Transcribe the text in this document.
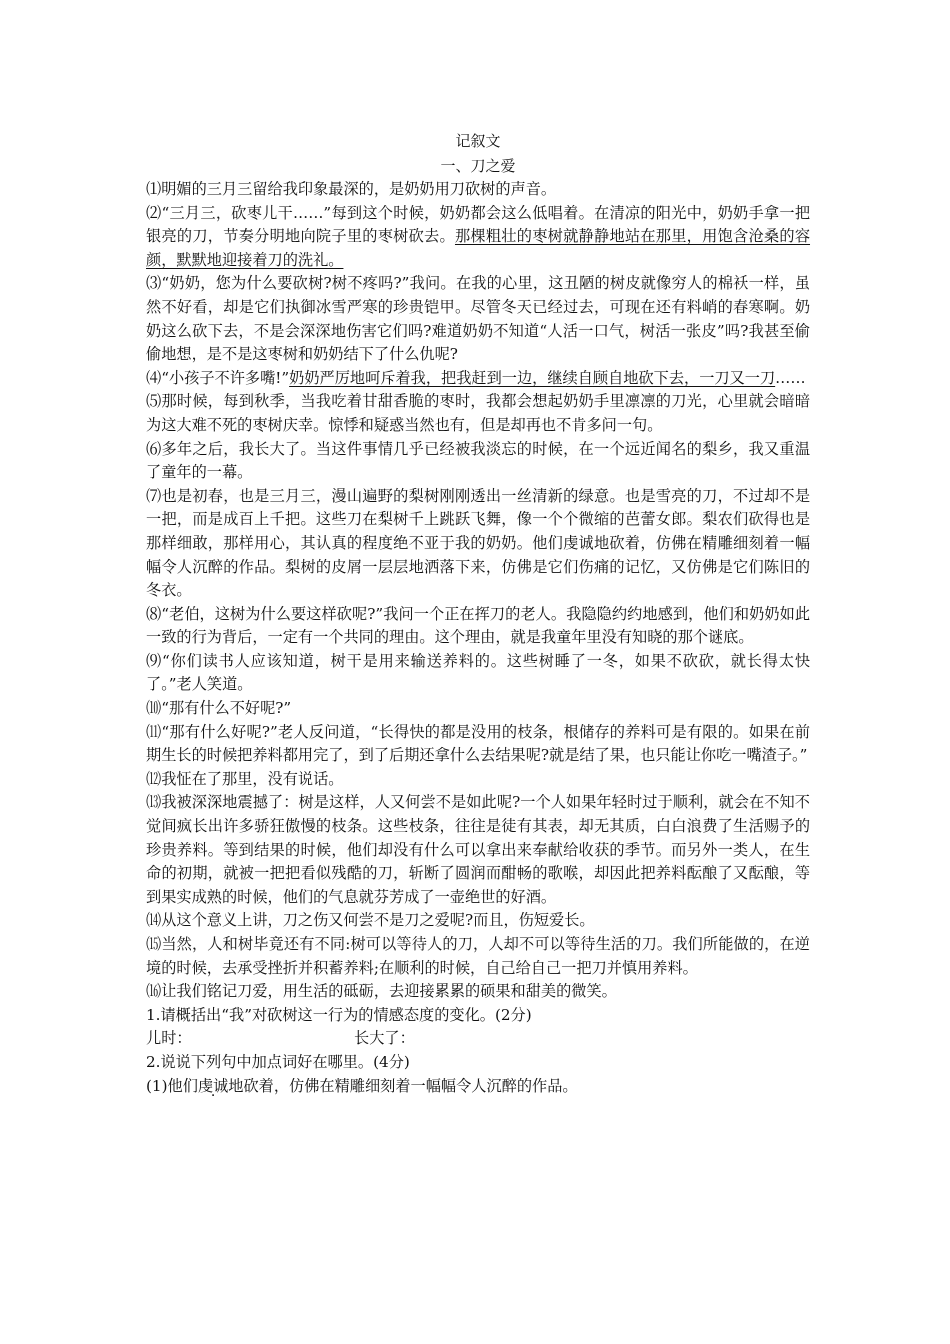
记叙文

一、刀之爱

⑴明媚的三月三留给我印象最深的，是奶奶用刀砍树的声音。

⑵“三月三，砍枣儿干……”每到这个时候，奶奶都会这么低唱着。在清凉的阳光中，奶奶手拿一把银亮的刀，节奏分明地向院子里的枣树砍去。那棵粗壮的枣树就静静地站在那里，用饱含沧桑的容颜，默默地迎接着刀的洗礼。

⑶“奶奶，您为什么要砍树?树不疼吗?”我问。在我的心里，这丑陋的树皮就像穷人的棉袄一样，虽然不好看，却是它们执御冰雪严寒的珍贵铠甲。尽管冬天已经过去，可现在还有料峭的春寒啊。奶奶这么砍下去，不是会深深地伤害它们吗?难道奶奶不知道“人活一口气，树活一张皮”吗?我甚至偷偷地想，是不是这枣树和奶奶结下了什么仇呢?

⑷“小孩子不许多嘴!”奶奶严厉地呵斥着我，把我赶到一边，继续自顾自地砍下去，一刀又一刀……

⑸那时候，每到秋季，当我吃着甘甜香脆的枣时，我都会想起奶奶手里凛凛的刀光，心里就会暗暗为这大难不死的枣树庆幸。惊悸和疑惑当然也有，但是却再也不肯多问一句。

⑹多年之后，我长大了。当这件事情几乎已经被我淡忘的时候，在一个远近闻名的梨乡，我又重温了童年的一幕。

⑺也是初春，也是三月三，漫山遍野的梨树刚刚透出一丝清新的绿意。也是雪亮的刀，不过却不是一把，而是成百上千把。这些刀在梨树千上跳跃飞舞，像一个个微缩的芭蕾女郎。梨农们砍得也是那样细敢，那样用心，其认真的程度绝不亚于我的奶奶。他们虔诚地砍着，仿佛在精雕细刻着一幅幅令人沉醉的作品。梨树的皮屑一层层地洒落下来，仿佛是它们伤痛的记忆，又仿佛是它们陈旧的冬衣。

⑻“老伯，这树为什么要这样砍呢?”我问一个正在挥刀的老人。我隐隐约约地感到，他们和奶奶如此一致的行为背后，一定有一个共同的理由。这个理由，就是我童年里没有知晓的那个谜底。

⑼“你们读书人应该知道，树干是用来输送养料的。这些树睡了一冬，如果不砍砍，就长得太快了。”老人笑道。

⑽“那有什么不好呢?”

⑾“那有什么好呢?”老人反问道，“长得快的都是没用的枝条，根储存的养料可是有限的。如果在前期生长的时候把养料都用完了，到了后期还拿什么去结果呢?就是结了果，也只能让你吃一嘴渣子。”

⑿我怔在了那里，没有说话。

⒀我被深深地震撼了：树是这样，人又何尝不是如此呢?一个人如果年轻时过于顺利，就会在不知不觉间疯长出许多骄狂傲慢的枝条。这些枝条，往往是徒有其表，却无其质，白白浪费了生活赐予的珍贵养料。等到结果的时候，他们却没有什么可以拿出来奉献给收获的季节。而另外一类人，在生命的初期，就被一把把看似残酷的刀，斩断了圆润而酣畅的歌喉，却因此把养料酝酿了又酝酿，等到果实成熟的时候，他们的气息就芬芳成了一壶绝世的好酒。

⒁从这个意义上讲，刀之伤又何尝不是刀之爱呢?而且，伤短爱长。

⒂当然，人和树毕竟还有不同:树可以等待人的刀，人却不可以等待生活的刀。我们所能做的，在逆境的时候，去承受挫折并积蓄养料;在顺利的时候，自己给自己一把刀并慎用养料。

⒃让我们铭记刀爱，用生活的砥砺，去迎接累累的硕果和甜美的微笑。

1.请概括出“我”对砍树这一行为的情感态度的变化。(2分)

儿时：	长大了：

2.说说下列句中加点词好在哪里。(4分)

(1)他们虔诚地砍着，仿佛在精雕细刻着一幅幅令人沉醉的作品。
